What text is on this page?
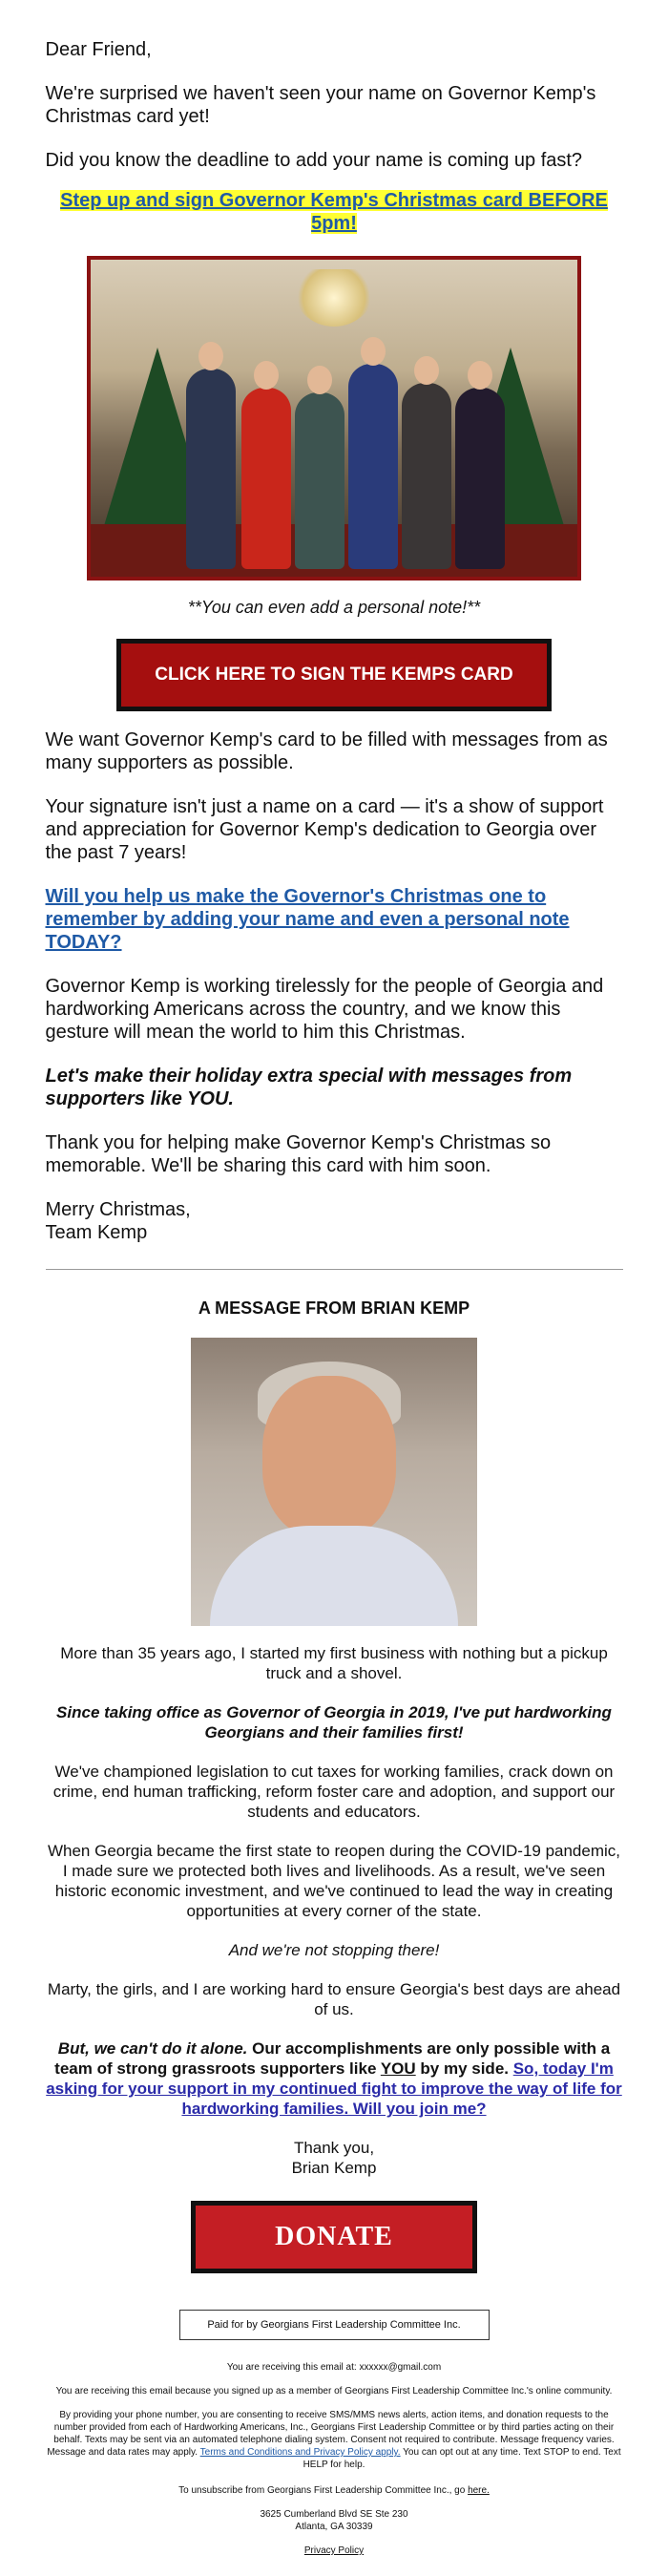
Dear Friend,

We're surprised we haven't seen your name on Governor Kemp's Christmas card yet!

Did you know the deadline to add your name is coming up fast?

Step up and sign Governor Kemp's Christmas card BEFORE 5pm!

**You can even add a personal note!**

CLICK HERE TO SIGN THE KEMPS CARD

We want Governor Kemp's card to be filled with messages from as many supporters as possible.

Your signature isn't just a name on a card — it's a show of support and appreciation for Governor Kemp's dedication to Georgia over the past 7 years!

Will you help us make the Governor's Christmas one to remember by adding your name and even a personal note TODAY?

Governor Kemp is working tirelessly for the people of Georgia and hardworking Americans across the country, and we know this gesture will mean the world to him this Christmas.

Let's make their holiday extra special with messages from supporters like YOU.

Thank you for helping make Governor Kemp's Christmas so memorable. We'll be sharing this card with him soon.

Merry Christmas,

Team Kemp

A MESSAGE FROM BRIAN KEMP

More than 35 years ago, I started my first business with nothing but a pickup truck and a shovel.

Since taking office as Governor of Georgia in 2019, I've put hardworking Georgians and their families first!

We've championed legislation to cut taxes for working families, crack down on crime, end human trafficking, reform foster care and adoption, and support our students and educators.

When Georgia became the first state to reopen during the COVID-19 pandemic, I made sure we protected both lives and livelihoods. As a result, we've seen historic economic investment, and we've continued to lead the way in creating opportunities at every corner of the state.

And we're not stopping there!

Marty, the girls, and I are working hard to ensure Georgia's best days are ahead of us.

But, we can't do it alone. Our accomplishments are only possible with a team of strong grassroots supporters like YOU by my side. So, today I'm asking for your support in my continued fight to improve the way of life for hardworking families. Will you join me?

Thank you,

Brian Kemp

DONATE
Paid for by Georgians First Leadership Committee Inc.

You are receiving this email at: xxxxxx@gmail.com

You are receiving this email because you signed up as a member of Georgians First Leadership Committee Inc.'s online community.

By providing your phone number, you are consenting to receive SMS/MMS news alerts, action items, and donation requests to the number provided from each of Hardworking Americans, Inc., Georgians First Leadership Committee or by third parties acting on their behalf. Texts may be sent via an automated telephone dialing system. Consent not required to contribute. Message frequency varies. Message and data rates may apply. Terms and Conditions and Privacy Policy apply. You can opt out at any time. Text STOP to end. Text HELP for help.

To unsubscribe from Georgians First Leadership Committee Inc., go here.

3625 Cumberland Blvd SE Ste 230

Atlanta, GA 30339

Privacy Policy
